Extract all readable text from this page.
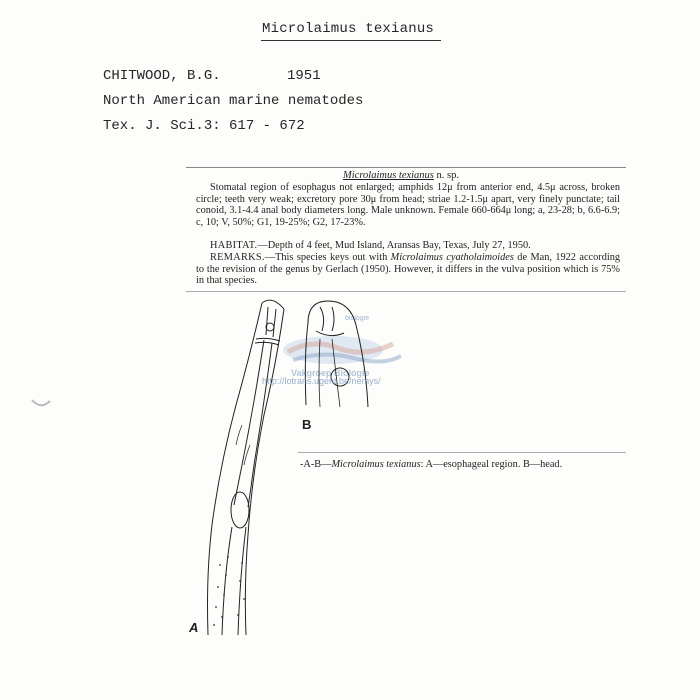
Microlaimus texianus
CHITWOOD, B.G.	1951
North American marine nematodes
Tex. J. Sci.3: 617 - 672
Microlaimus texianus n. sp.

Stomatal region of esophagus not enlarged; amphids 12μ from anterior end, 4.5μ across, broken circle; teeth very weak; excretory pore 30μ from head; striae 1.2-1.5μ apart, very finely punctate; tail conoid, 3.1-4.4 anal body diameters long. Male unknown. Female 660-664μ long; a, 23-28; b, 6.6-6.9; c, 10; V, 50%; G1, 19-25%; G2, 17-23%.

HABITAT.—Depth of 4 feet, Mud Island, Aransas Bay, Texas, July 27, 1950.

REMARKS.—This species keys out with Microlaimus cyatholaimoides de Man, 1922 according to the revision of the genus by Gerlach (1950). However, it differs in the vulva position which is 75% in that species.

biologie
Vakgroep Biologie
http://lotrans.ugent.be/nemys/
A
B
-A-B—Microlaimus texianus: A—esophageal region. B—head.
